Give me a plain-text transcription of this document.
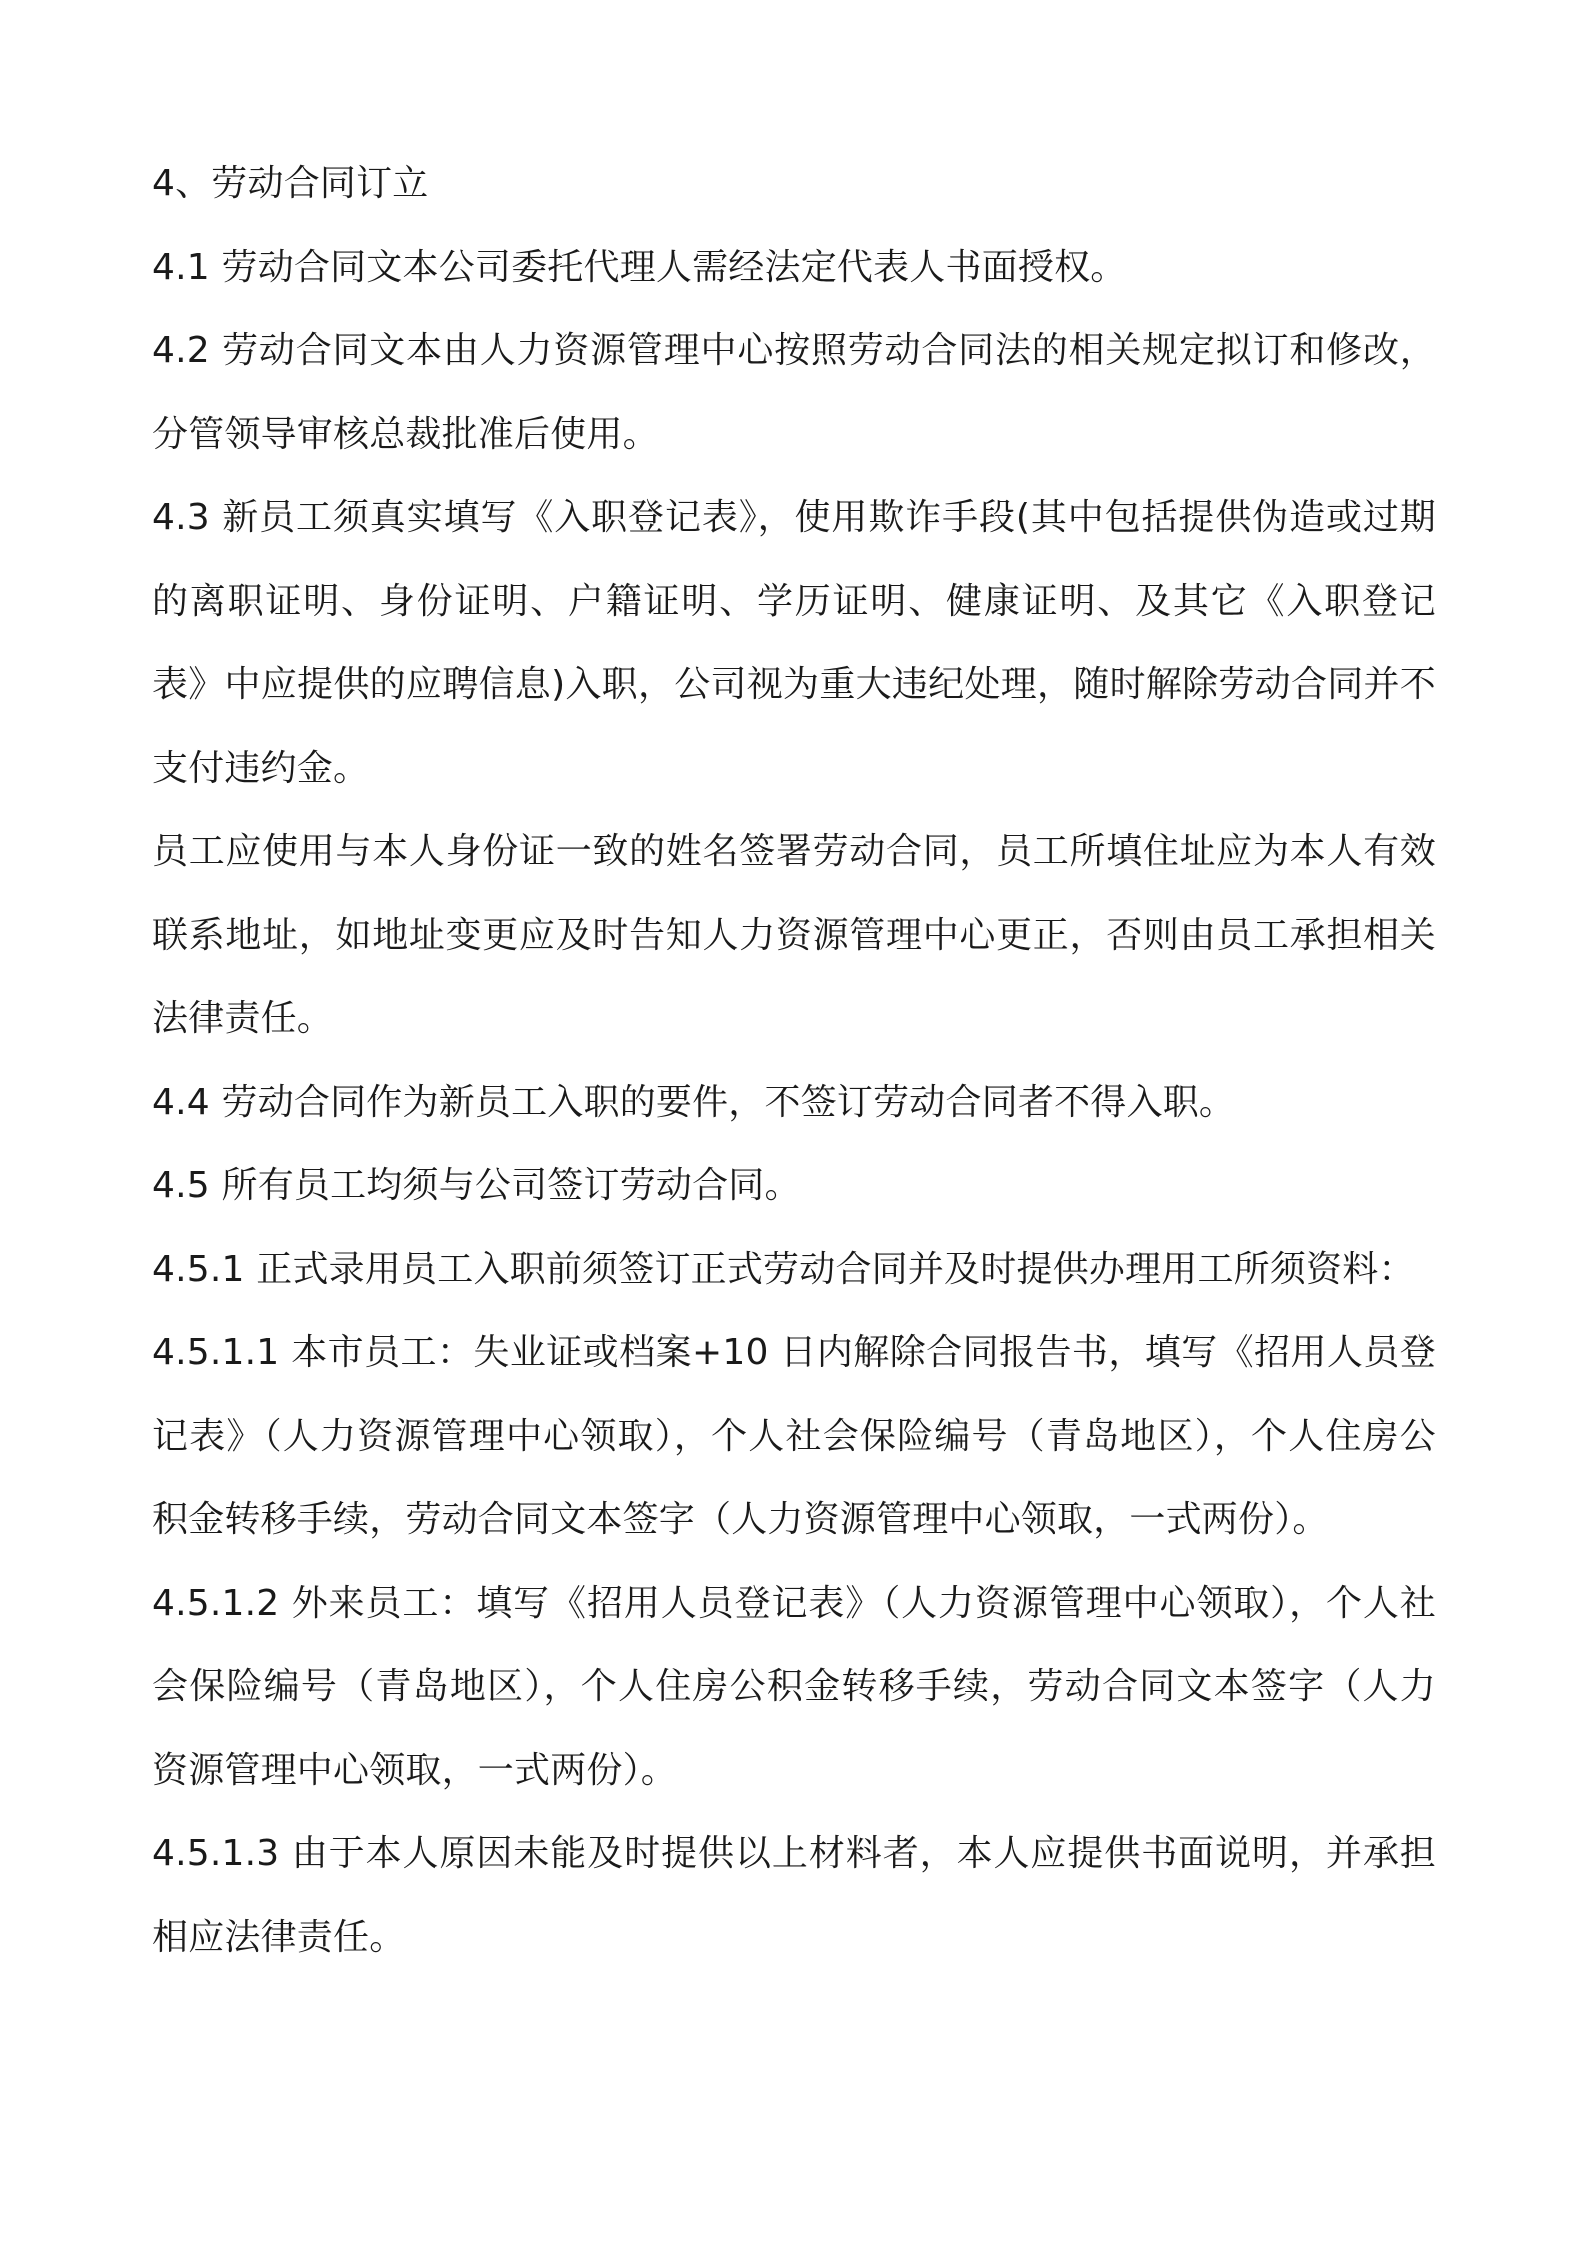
4、劳动合同订立

4.1 劳动合同文本公司委托代理人需经法定代表人书面授权。

4.2 劳动合同文本由人力资源管理中心按照劳动合同法的相关规定拟订和修改，分管领导审核总裁批准后使用。

4.3 新员工须真实填写《入职登记表》，使用欺诈手段(其中包括提供伪造或过期的离职证明、身份证明、户籍证明、学历证明、健康证明、及其它《入职登记表》中应提供的应聘信息)入职，公司视为重大违纪处理，随时解除劳动合同并不支付违约金。

员工应使用与本人身份证一致的姓名签署劳动合同，员工所填住址应为本人有效联系地址，如地址变更应及时告知人力资源管理中心更正，否则由员工承担相关法律责任。

4.4 劳动合同作为新员工入职的要件，不签订劳动合同者不得入职。

4.5 所有员工均须与公司签订劳动合同。

4.5.1 正式录用员工入职前须签订正式劳动合同并及时提供办理用工所须资料：

4.5.1.1 本市员工：失业证或档案+10 日内解除合同报告书，填写《招用人员登记表》（人力资源管理中心领取），个人社会保险编号（青岛地区），个人住房公积金转移手续，劳动合同文本签字（人力资源管理中心领取，一式两份）。

4.5.1.2 外来员工：填写《招用人员登记表》（人力资源管理中心领取），个人社会保险编号（青岛地区），个人住房公积金转移手续，劳动合同文本签字（人力资源管理中心领取，一式两份）。

4.5.1.3 由于本人原因未能及时提供以上材料者，本人应提供书面说明，并承担相应法律责任。
